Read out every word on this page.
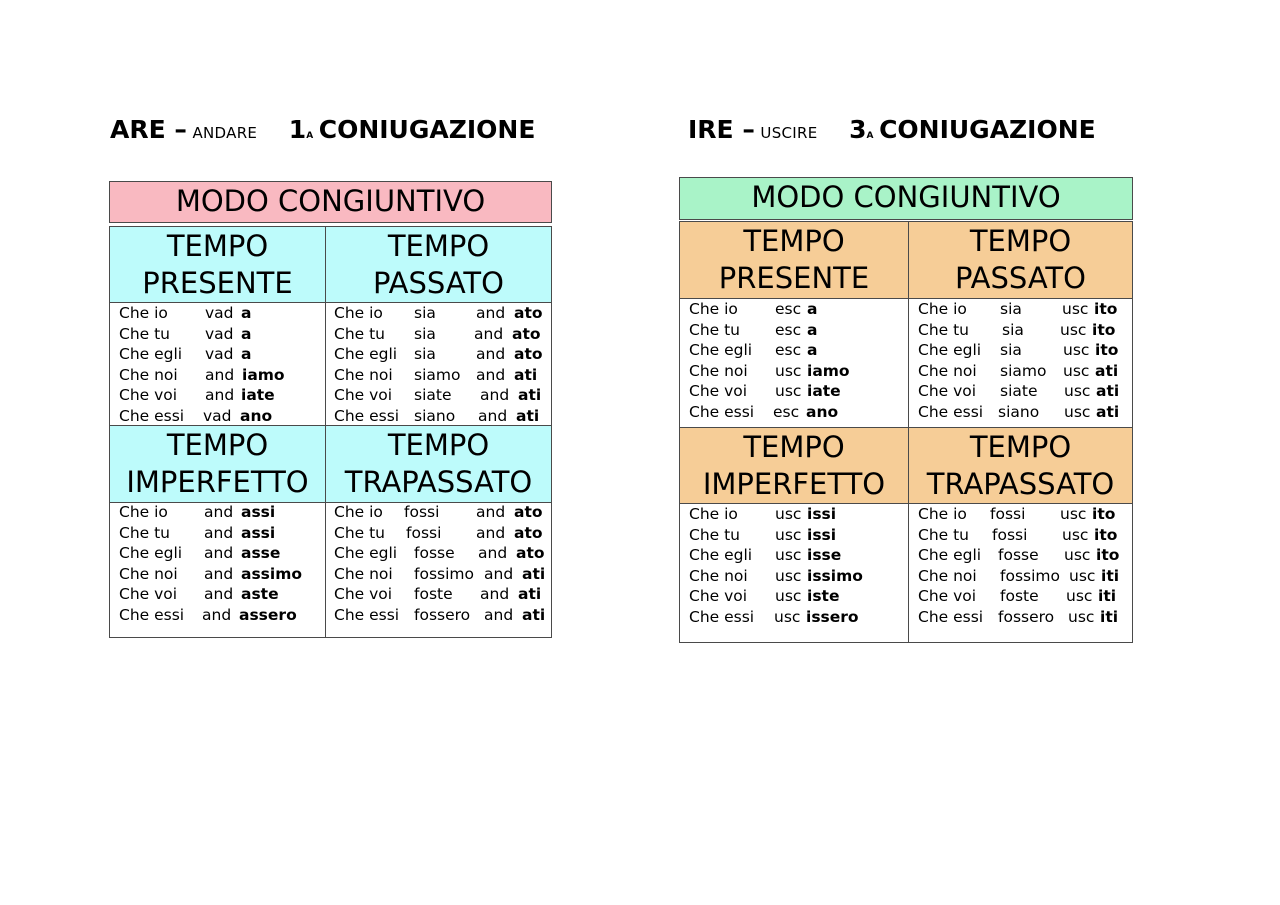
ARE – ANDARE 1A CONIUGAZIONE
MODO CONGIUNTIVO
TEMPO
PRESENTE
TEMPO
PASSATO
Che io vad a
Che tu vad a
Che egli vad a
Che noi and iamo
Che voi and iate
Che essi vad ano
Che io sia	and ato
Che tu sia and ato
Che egli sia	and ato
Che noi siamo and ati
Che voi siate and ati
Che essi siano and ati
TEMPO
IMPERFETTO
TEMPO
TRAPASSATO
Che io and assi
Che tu and assi
Che egli and asse
Che noi and assimo
Che voi and aste
Che essi and assero
Che io fossi and ato
Che tu fossi and ato
Che egli fosse and ato
Che noi fossimo and ati
Che voi foste and ati
Che essi fossero and ati
IRE – USCIRE 3A CONIUGAZIONE
MODO CONGIUNTIVO
TEMPO
PRESENTE
TEMPO
PASSATO
Che io esc a
Che tu esc a
Che egli esc a
Che noi usc iamo
Che voi usc iate
Che essi esc ano
Che io sia	usc ito
Che tu sia usc ito
Che egli sia	usc ito
Che noi siamo usc ati
Che voi siate usc ati
Che essi siano usc ati
TEMPO
IMPERFETTO
TEMPO
TRAPASSATO
Che io usc issi
Che tu usc issi
Che egli usc isse
Che noi usc issimo
Che voi usc iste
Che essi usc issero
Che io fossi usc ito
Che tu fossi usc ito
Che egli fosse usc ito
Che noi fossimo usc iti
Che voi foste usc iti
Che essi fossero usc iti
